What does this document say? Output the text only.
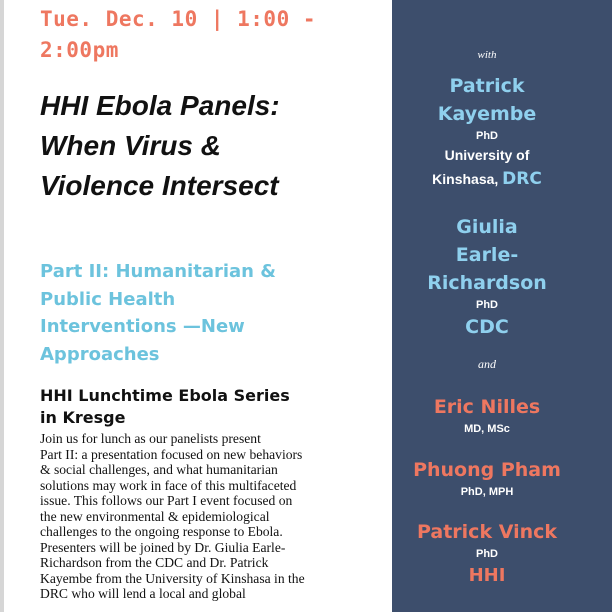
Tue. Dec. 10 | 1:00 - 2:00pm
HHI Ebola Panels:
When Virus &
Violence Intersect
Part II: Humanitarian &
Public Health
Interventions —New
Approaches
HHI Lunchtime Ebola Series
in Kresge
Join us for lunch as our panelists present
Part II: a presentation focused on new behaviors
& social challenges, and what humanitarian
solutions may work in face of this multifaceted
issue. This follows our Part I event focused on
the new environmental & epidemiological
challenges to the ongoing response to Ebola.
Presenters will be joined by Dr. Giulia Earle-
Richardson from the CDC and Dr. Patrick
Kayembe from the University of Kinshasa in the
DRC who will lend a local and global
with
Patrick
Kayembe
PhD
University of
Kinshasa, DRC
Giulia
Earle-
Richardson
PhD
CDC
and
Eric Nilles
MD, MSc
Phuong Pham
PhD, MPH
Patrick Vinck
PhD
HHI
